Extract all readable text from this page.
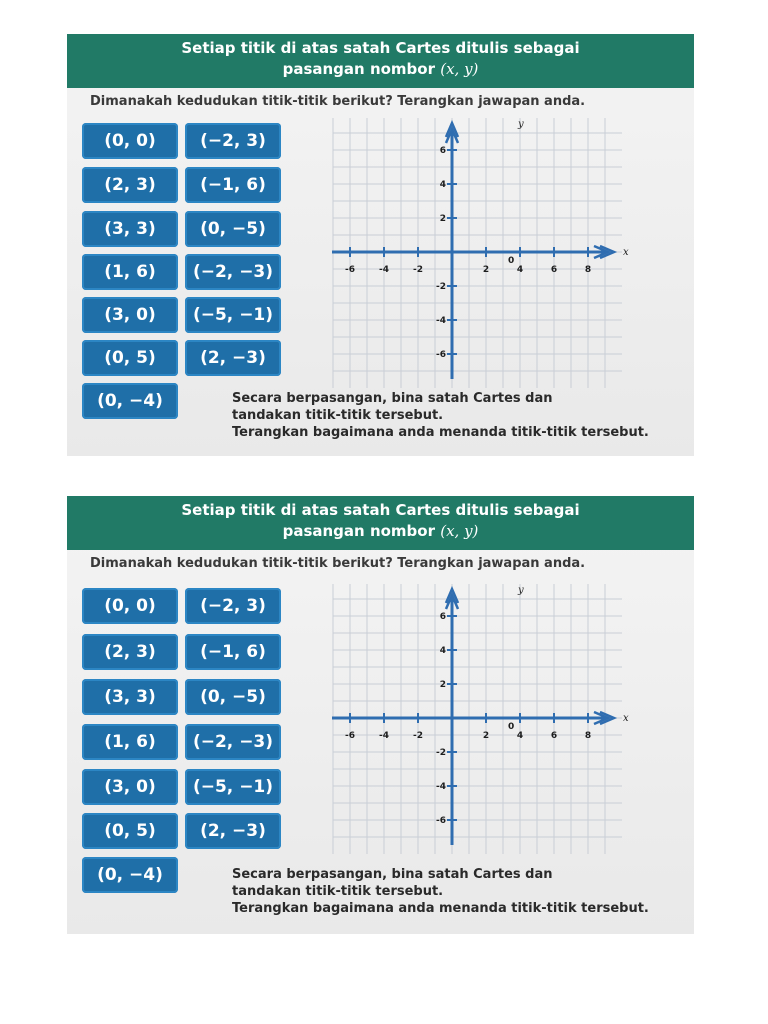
Setiap titik di atas satah Cartes ditulis sebagai
pasangan nombor (x, y)
Dimanakah kedudukan titik-titik berikut? Terangkan jawapan anda.
(0, 0)	(−2, 3)
(2, 3)	(−1, 6)
(3, 3)	(0, −5)
(1, 6)	(−2, −3)
(3, 0)	(−5, −1)
(0, 5)	(2, −3)
(0, −4)
x
y
0
-6	-4	-2	2	4	6	8
6
4
2
-2
-4
-6
Secara berpasangan, bina satah Cartes dan
tandakan titik-titik tersebut.
Terangkan bagaimana anda menanda titik-titik tersebut.
Setiap titik di atas satah Cartes ditulis sebagai
pasangan nombor (x, y)
Dimanakah kedudukan titik-titik berikut? Terangkan jawapan anda.
(0, 0)	(−2, 3)
(2, 3)	(−1, 6)
(3, 3)	(0, −5)
(1, 6)	(−2, −3)
(3, 0)	(−5, −1)
(0, 5)	(2, −3)
(0, −4)
x
y
0
-6	-4	-2	2	4	6	8
6
4
2
-2
-4
-6
Secara berpasangan, bina satah Cartes dan
tandakan titik-titik tersebut.
Terangkan bagaimana anda menanda titik-titik tersebut.
